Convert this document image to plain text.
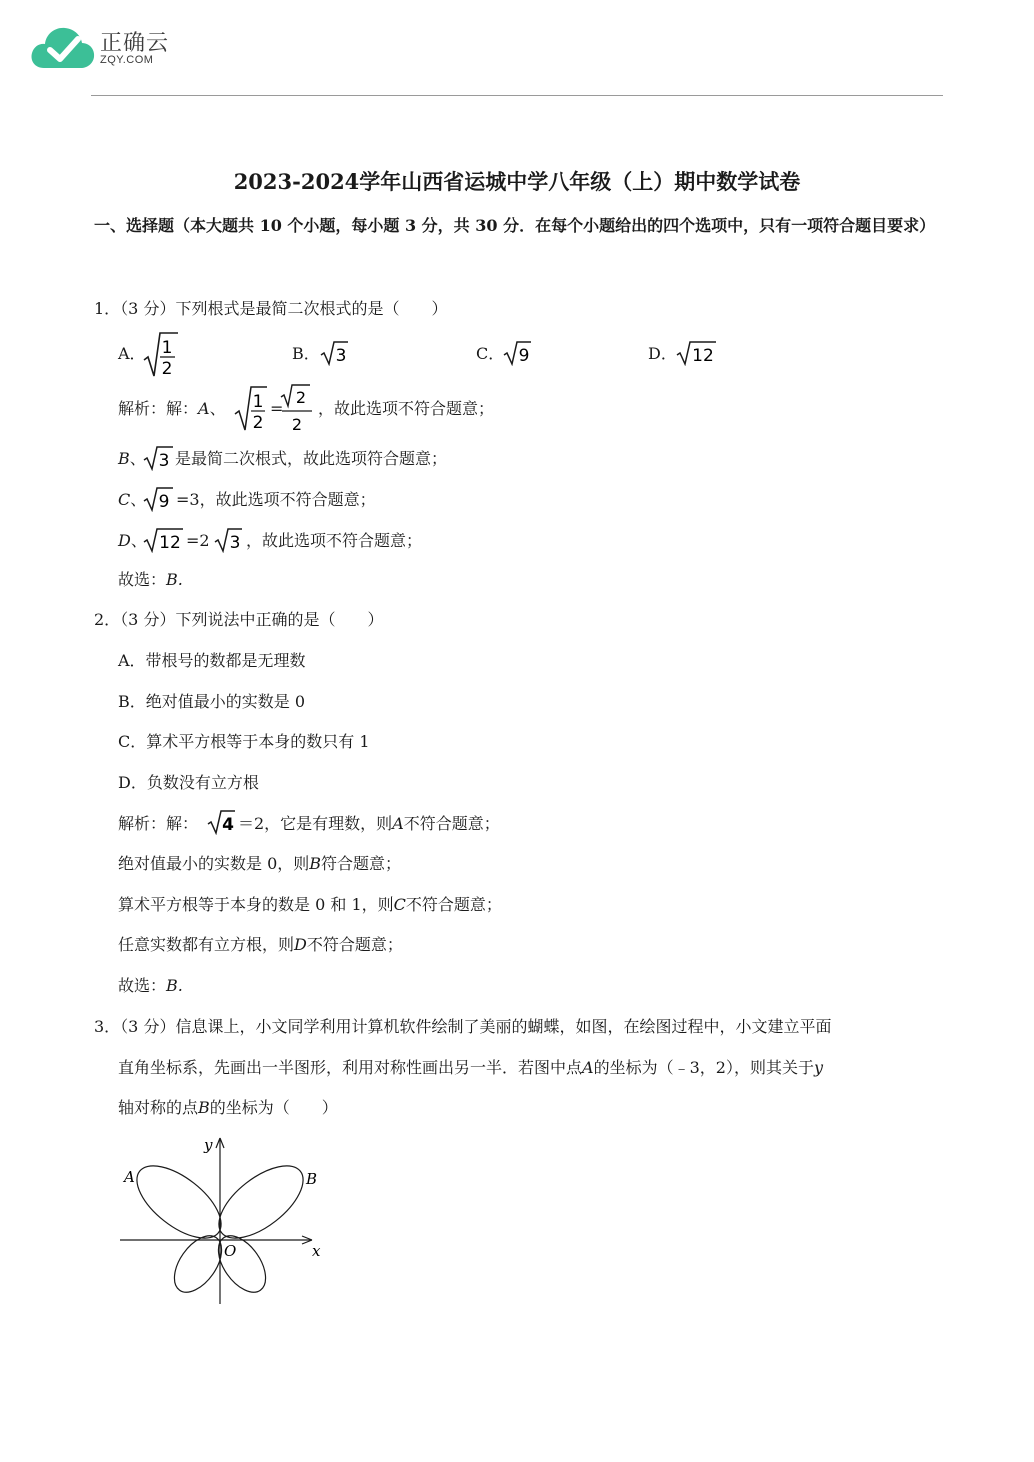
正确云
ZQY.COM
2023-2024学年山西省运城中学八年级（上）期中数学试卷
一、选择题（本大题共 10 个小题，每小题 3 分，共 30 分．在每个小题给出的四个选项中，只有一项符合题目要求）
1．（3 分）下列根式是最简二次根式的是（　　）
A． 1
2
B． 3	C． 9	D． 12
解析：解：A、 1
2
=
2
2
，故此选项不符合题意；
B、 3 是最简二次根式，故此选项符合题意；
C、 9 =3，故此选项不符合题意；
D、 12 =2 3 ，故此选项不符合题意；
故选：B.
2．（3 分）下列说法中正确的是（　　）
A．带根号的数都是无理数
B．绝对值最小的实数是 0
C．算术平方根等于本身的数只有 1
D．负数没有立方根
解析：解： 4 ＝2，它是有理数，则A不符合题意；
绝对值最小的实数是 0，则B符合题意；
算术平方根等于本身的数是 0 和 1，则C不符合题意；
任意实数都有立方根，则D不符合题意；
故选：B.
3．（3 分）信息课上，小文同学利用计算机软件绘制了美丽的蝴蝶，如图，在绘图过程中，小文建立平面
直角坐标系，先画出一半图形，利用对称性画出另一半．若图中点A的坐标为（﹣3，2），则其关于y
轴对称的点B的坐标为（　　）
A	B
O	x
y
